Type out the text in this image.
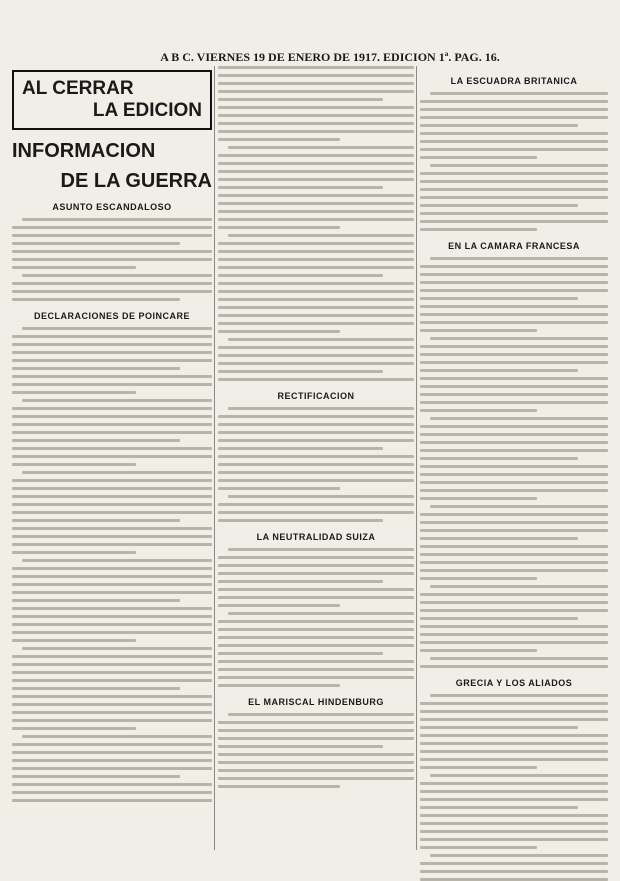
A B C. VIERNES 19 DE ENERO DE 1917. EDICION 1ª. PAG. 16.
AL CERRAR
LA EDICION
INFORMACION
DE LA GUERRA
ASUNTO ESCANDALOSO
DECLARACIONES DE POINCARE
RECTIFICACION
LA NEUTRALIDAD SUIZA
EL MARISCAL HINDENBURG
LA ESCUADRA BRITANICA
EN LA CAMARA FRANCESA
GRECIA Y LOS ALIADOS
